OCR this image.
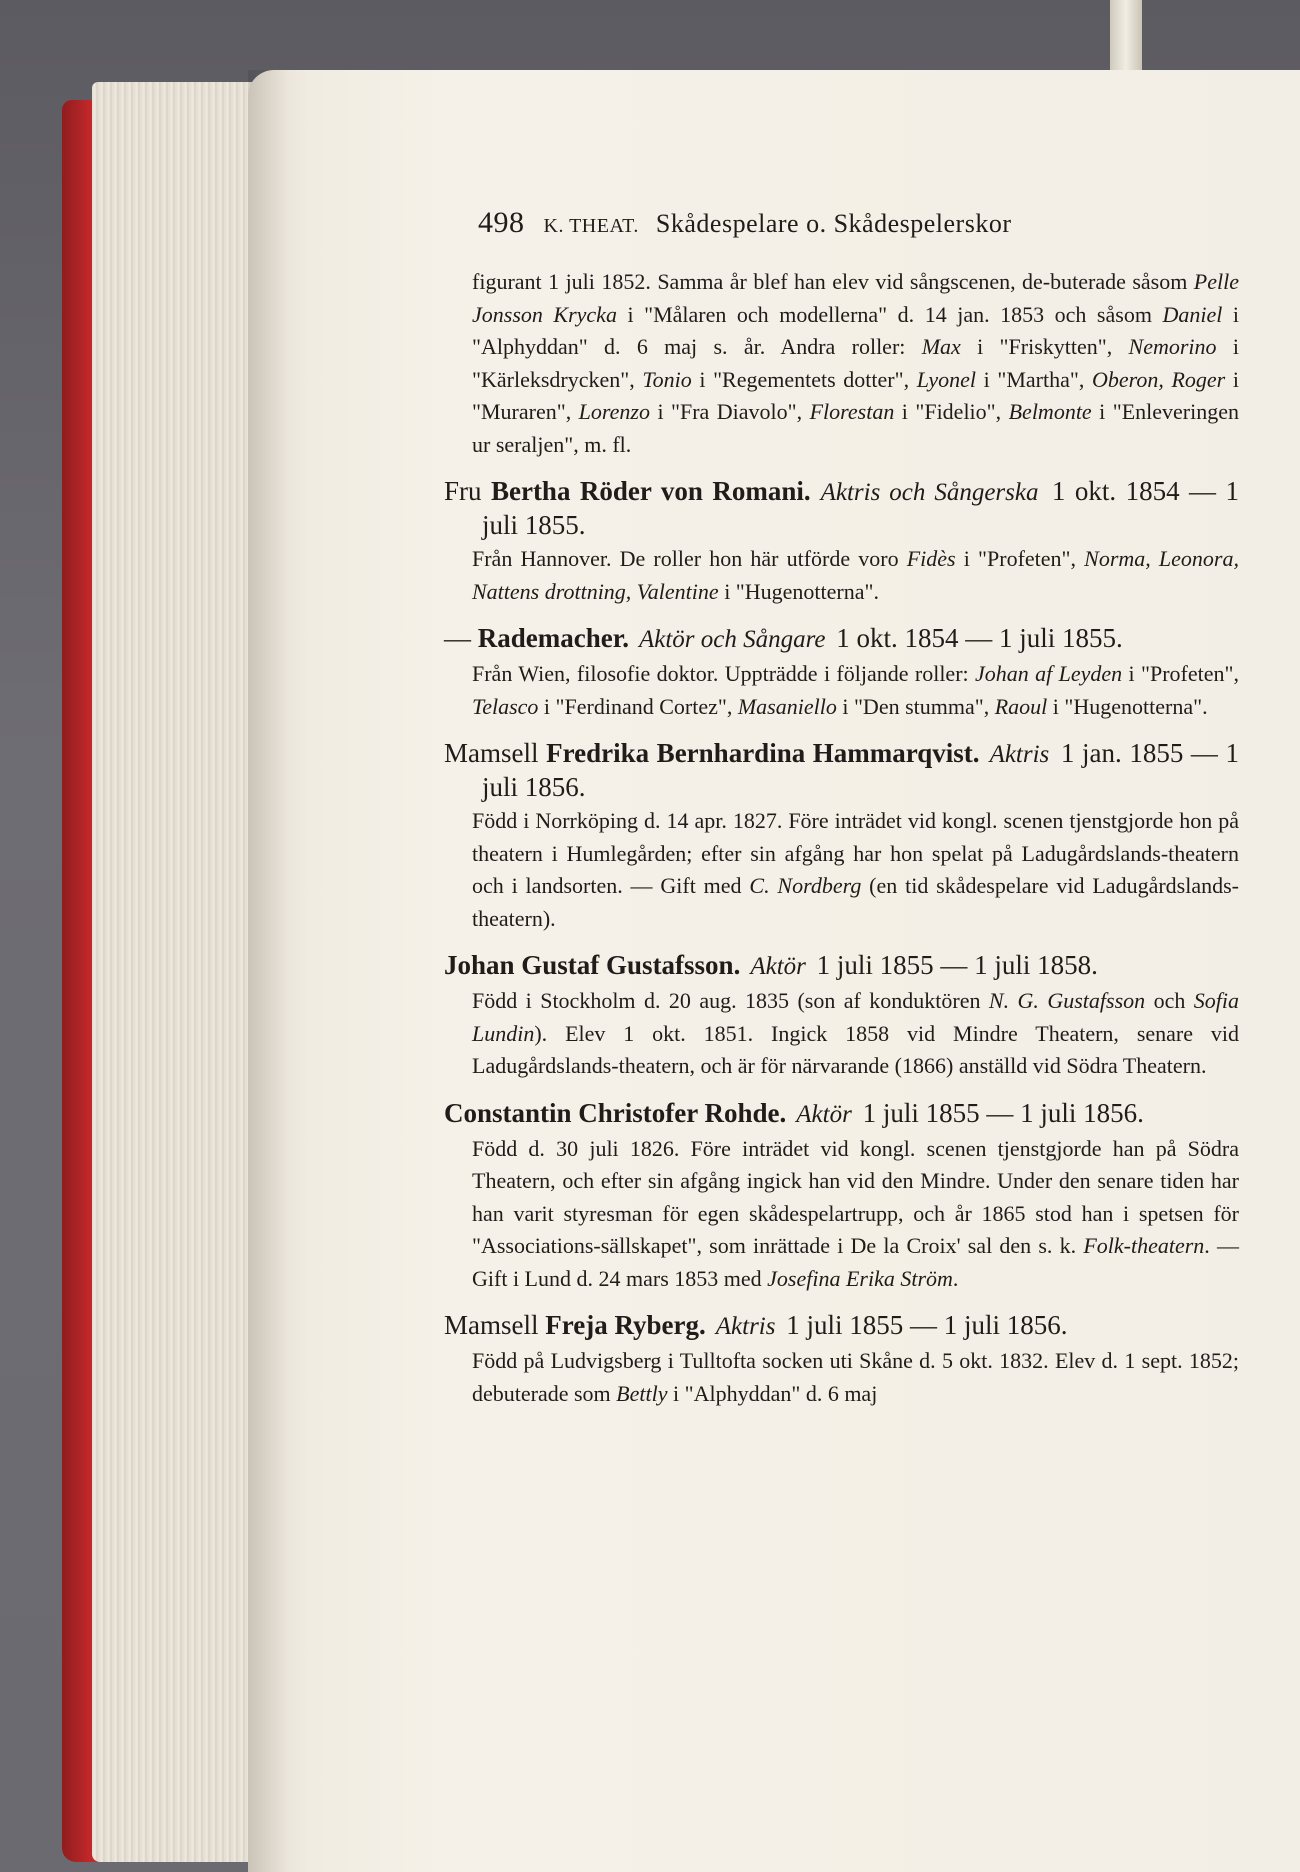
498 K. THEAT. Skådespelare o. Skådespelerskor
figurant 1 juli 1852. Samma år blef han elev vid sångscenen, de-buterade såsom Pelle Jonsson Krycka i "Målaren och modellerna" d. 14 jan. 1853 och såsom Daniel i "Alphyddan" d. 6 maj s. år. Andra roller: Max i "Friskytten", Nemorino i "Kärleksdrycken", Tonio i "Regementets dotter", Lyonel i "Martha", Oberon, Roger i "Muraren", Lorenzo i "Fra Diavolo", Florestan i "Fidelio", Belmonte i "Enleveringen ur seraljen", m. fl.
Fru Bertha Röder von Romani. Aktris och Sångerska 1 okt. 1854 — 1 juli 1855.
Från Hannover. De roller hon här utförde voro Fidès i "Profeten", Norma, Leonora, Nattens drottning, Valentine i "Hugenotterna".
— Rademacher. Aktör och Sångare 1 okt. 1854 — 1 juli 1855.
Från Wien, filosofie doktor. Uppträdde i följande roller: Johan af Leyden i "Profeten", Telasco i "Ferdinand Cortez", Masaniello i "Den stumma", Raoul i "Hugenotterna".
Mamsell Fredrika Bernhardina Hammarqvist. Aktris 1 jan. 1855 — 1 juli 1856.
Född i Norrköping d. 14 apr. 1827. Före inträdet vid kongl. scenen tjenstgjorde hon på theatern i Humlegården; efter sin afgång har hon spelat på Ladugårdslands-theatern och i landsorten. — Gift med C. Nordberg (en tid skådespelare vid Ladugårdslands-theatern).
Johan Gustaf Gustafsson. Aktör 1 juli 1855 — 1 juli 1858.
Född i Stockholm d. 20 aug. 1835 (son af konduktören N. G. Gustafsson och Sofia Lundin). Elev 1 okt. 1851. Ingick 1858 vid Mindre Theatern, senare vid Ladugårdslands-theatern, och är för närvarande (1866) anställd vid Södra Theatern.
Constantin Christofer Rohde. Aktör 1 juli 1855 — 1 juli 1856.
Född d. 30 juli 1826. Före inträdet vid kongl. scenen tjenstgjorde han på Södra Theatern, och efter sin afgång ingick han vid den Mindre. Under den senare tiden har han varit styresman för egen skådespelartrupp, och år 1865 stod han i spetsen för "Associations-sällskapet", som inrättade i De la Croix' sal den s. k. Folk-theatern. — Gift i Lund d. 24 mars 1853 med Josefina Erika Ström.
Mamsell Freja Ryberg. Aktris 1 juli 1855 — 1 juli 1856.
Född på Ludvigsberg i Tulltofta socken uti Skåne d. 5 okt. 1832. Elev d. 1 sept. 1852; debuterade som Bettly i "Alphyddan" d. 6 maj
